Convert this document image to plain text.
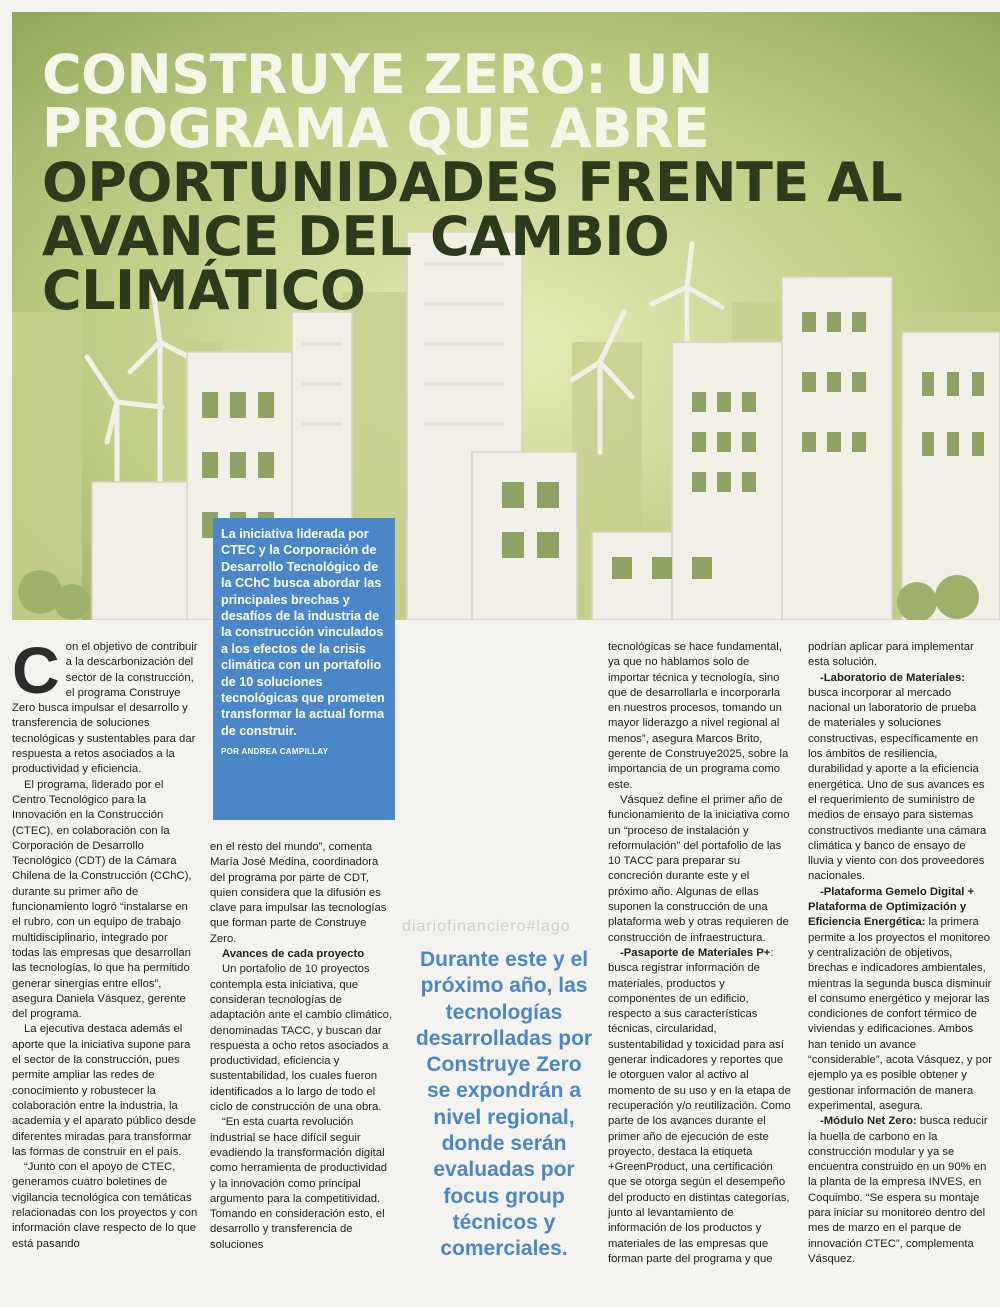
CONSTRUYE ZERO: UN
PROGRAMA QUE ABRE
OPORTUNIDADES FRENTE AL
AVANCE DEL CAMBIO CLIMÁTICO
La iniciativa liderada por CTEC y la Corporación de Desarrollo Tecnológico de la CChC busca abordar las principales brechas y desafíos de la industria de la construcción vinculados a los efectos de la crisis climática con un portafolio de 10 soluciones tecnológicas que prometen transformar la actual forma de construir.
POR ANDREA CAMPILLAY
C on el objetivo de contribuir a la descarbonización del sector de la construcción, el programa Construye Zero busca impulsar el desarrollo y transferencia de soluciones tecnológicas y sustentables para dar respuesta a retos asociados a la productividad y eficiencia.

El programa, liderado por el Centro Tecnológico para la Innovación en la Construcción (CTEC), en colaboración con la Corporación de Desarrollo Tecnológico (CDT) de la Cámara Chilena de la Construcción (CChC), durante su primer año de funcionamiento logró “instalarse en el rubro, con un equipo de trabajo multidisciplinario, integrado por todas las empresas que desarrollan las tecnologías, lo que ha permitido generar sinergias entre ellos”, asegura Daniela Vásquez, gerente del programa.

La ejecutiva destaca además el aporte que la iniciativa supone para el sector de la construcción, pues permite ampliar las redes de conocimiento y robustecer la colaboración entre la industria, la academia y el aparato público desde diferentes miradas para transformar las formas de construir en el país.

“Junto con el apoyo de CTEC, generamos cuatro boletines de vigilancia tecnológica con temáticas relacionadas con los proyectos y con información clave respecto de lo que está pasando

en el resto del mundo”, comenta María José Medina, coordinadora del programa por parte de CDT, quien considera que la difusión es clave para impulsar las tecnologías que forman parte de Construye Zero.

Avances de cada proyecto

Un portafolio de 10 proyectos contempla esta iniciativa, que consideran tecnologías de adaptación ante el cambio climático, denominadas TACC, y buscan dar respuesta a ocho retos asociados a productividad, eficiencia y sustentabilidad, los cuales fueron identificados a lo largo de todo el ciclo de construcción de una obra.

“En esta cuarta revolución industrial se hace difícil seguir evadiendo la transformación digital como herramienta de productividad y la innovación como principal argumento para la competitividad. Tomando en consideración esto, el desarrollo y transferencia de soluciones

diariofinanciero#lago
Durante este y el próximo año, las tecnologías desarrolladas por Construye Zero se expondrán a nivel regional, donde serán evaluadas por focus group técnicos y comerciales.

tecnológicas se hace fundamental, ya que no hablamos solo de importar técnica y tecnología, sino que de desarrollarla e incorporarla en nuestros procesos, tomando un mayor liderazgo a nivel regional al menos”, asegura Marcos Brito, gerente de Construye2025, sobre la importancia de un programa como este.

Vásquez define el primer año de funcionamiento de la iniciativa como un “proceso de instalación y reformulación” del portafolio de las 10 TACC para preparar su concreción durante este y el próximo año. Algunas de ellas suponen la construcción de una plataforma web y otras requieren de construcción de infraestructura.

-Pasaporte de Materiales P+: busca registrar información de materiales, productos y componentes de un edificio, respecto a sus características técnicas, circularidad, sustentabilidad y toxicidad para así generar indicadores y reportes que le otorguen valor al activo al momento de su uso y en la etapa de recuperación y/o reutilización. Como parte de los avances durante el primer año de ejecución de este proyecto, destaca la etiqueta +GreenProduct, una certificación que se otorga según el desempeño del producto en distintas categorías, junto al levantamiento de información de los productos y materiales de las empresas que forman parte del programa y que

podrían aplicar para implementar esta solución.

-Laboratorio de Materiales: busca incorporar al mercado nacional un laboratorio de prueba de materiales y soluciones constructivas, específicamente en los ámbitos de resiliencia, durabilidad y aporte a la eficiencia energética. Uno de sus avances es el requerimiento de suministro de medios de ensayo para sistemas constructivos mediante una cámara climática y banco de ensayo de lluvia y viento con dos proveedores nacionales.

-Plataforma Gemelo Digital + Plataforma de Optimización y Eficiencia Energética: la primera permite a los proyectos el monitoreo y centralización de objetivos, brechas e indicadores ambientales, mientras la segunda busca disminuir el consumo energético y mejorar las condiciones de confort térmico de viviendas y edificaciones. Ambos han tenido un avance “considerable”, acota Vásquez, y por ejemplo ya es posible obtener y gestionar información de manera experimental, asegura.

-Módulo Net Zero: busca reducir la huella de carbono en la construcción modular y ya se encuentra construido en un 90% en la planta de la empresa INVES, en Coquimbo. “Se espera su montaje para iniciar su monitoreo dentro del mes de marzo en el parque de innovación CTEC”, complementa Vásquez.
